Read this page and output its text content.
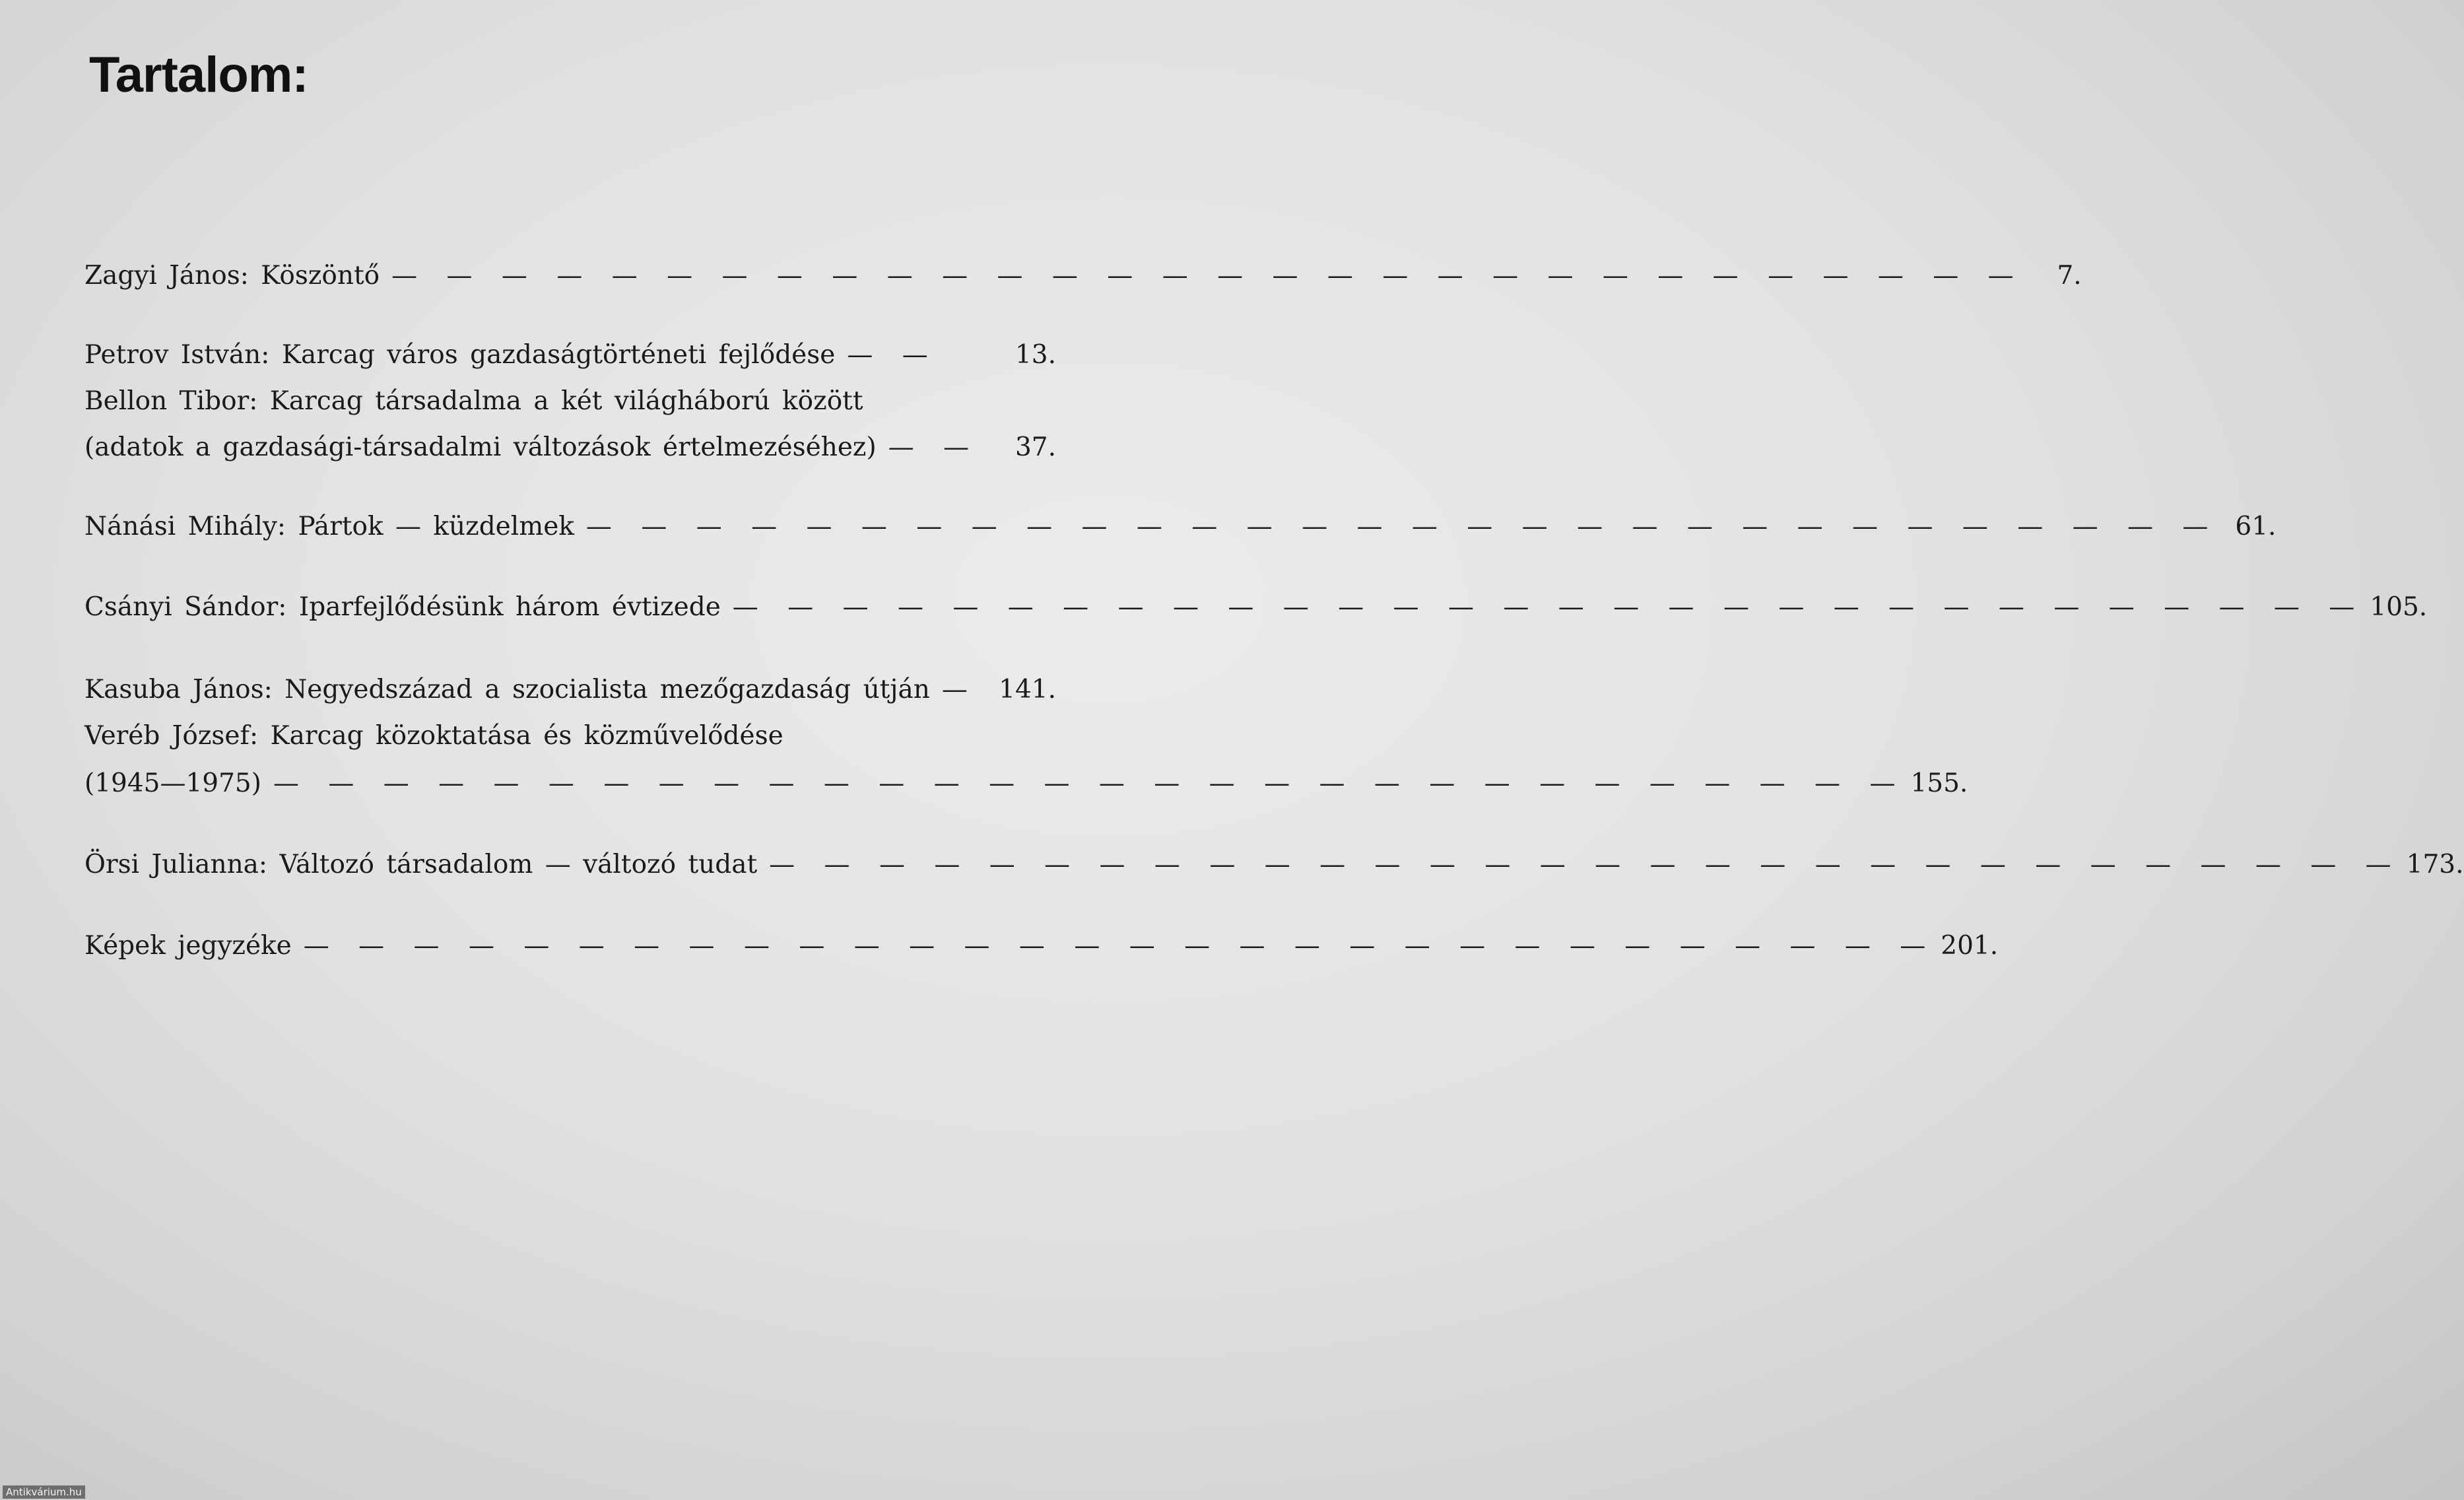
Tartalom:
Zagyi János: Köszöntő — — — — — — — — — — — — — — — — — — — — — — — — — — — — — —	7.
Petrov István: Karcag város gazdaságtörténeti fejlődése — —	13.
Bellon Tibor: Karcag társadalma a két világháború között
(adatok a gazdasági-társadalmi változások értelmezéséhez) — —	37.
Nánási Mihály: Pártok — küzdelmek — — — — — — — — — — — — — — — — — — — — — — — — — — — — — — 61.
Csányi Sándor: Iparfejlődésünk három évtizede — — — — — — — — — — — — — — — — — — — — — — — — — — — — — — 105.
Kasuba János: Negyedszázad a szocialista mezőgazdaság útján — 141.
Veréb József: Karcag közoktatása és közművelődése
(1945—1975) — — — — — — — — — — — — — — — — — — — — — — — — — — — — — — 155.
Örsi Julianna: Változó társadalom — változó tudat — — — — — — — — — — — — — — — — — — — — — — — — — — — — — — 173.
Képek jegyzéke — — — — — — — — — — — — — — — — — — — — — — — — — — — — — — 201.
Antikvárium.hu
